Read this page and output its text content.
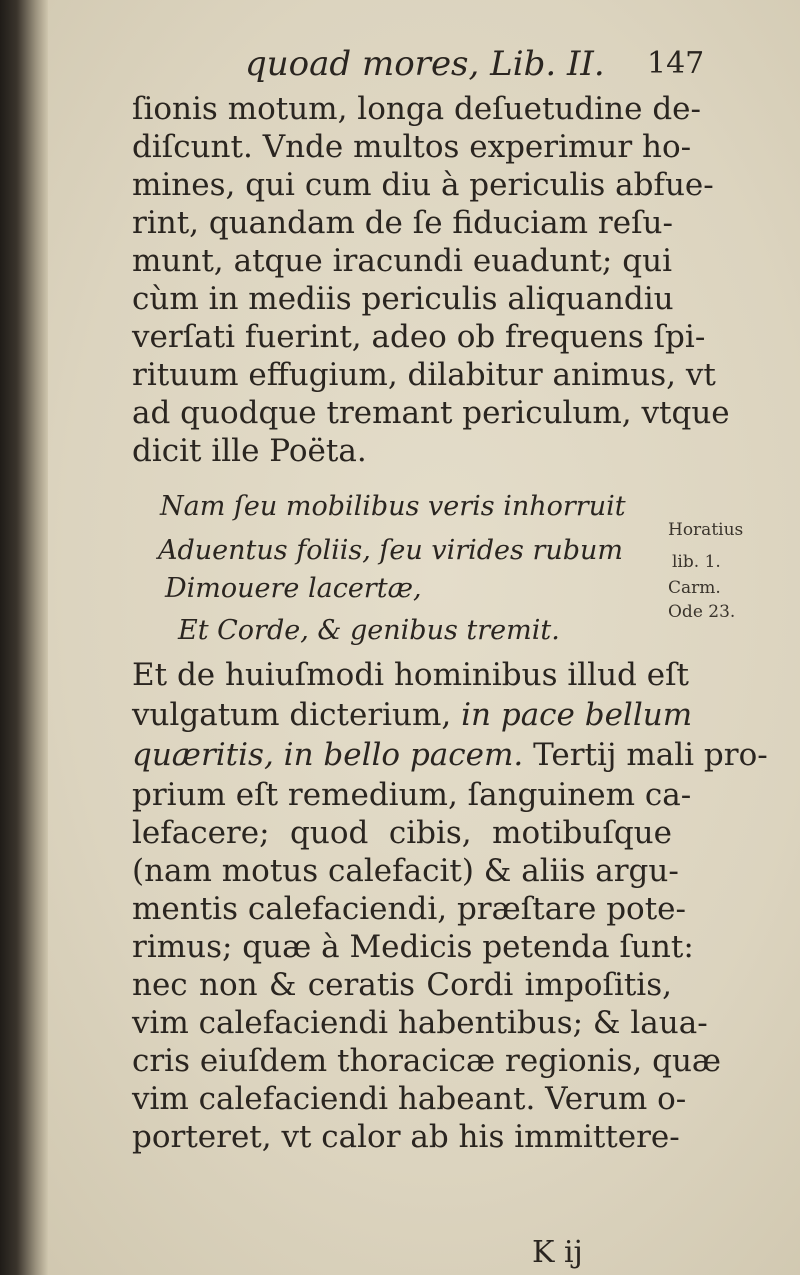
quoad mores, Lib. II. 147
ſionis motum, longa deſuetudine de-
diſcunt. Vnde multos experimur ho-
mines, qui cum diu à periculis abfue-
rint, quandam de ſe fiduciam reſu-
munt, atque iracundi euadunt; qui
cùm in mediis periculis aliquandiu
verſati fuerint, adeo ob frequens ſpi-
rituum effugium, dilabitur animus, vt
ad quodque tremant periculum, vtque
dicit ille Poëta.
Nam ſeu mobilibus veris inhorruit
Aduentus foliis, ſeu virides rubum
Dimouere lacertæ,
Et Corde, & genibus tremit.
Horatius
lib. 1.
Carm.
Ode 23.
Et de huiuſmodi hominibus illud eſt
vulgatum dicterium, in pace bellum
quæritis, in bello pacem. Tertij mali pro-
prium eſt remedium, ſanguinem ca-
lefacere; quod cibis, motibuſque
(nam motus calefacit) & aliis argu-
mentis calefaciendi, præſtare pote-
rimus; quæ à Medicis petenda ſunt:
nec non & ceratis Cordi impoſitis,
vim calefaciendi habentibus; & laua-
cris eiuſdem thoracicæ regionis, quæ
vim calefaciendi habeant. Verum o-
porteret, vt calor ab his immittere-
K ij
